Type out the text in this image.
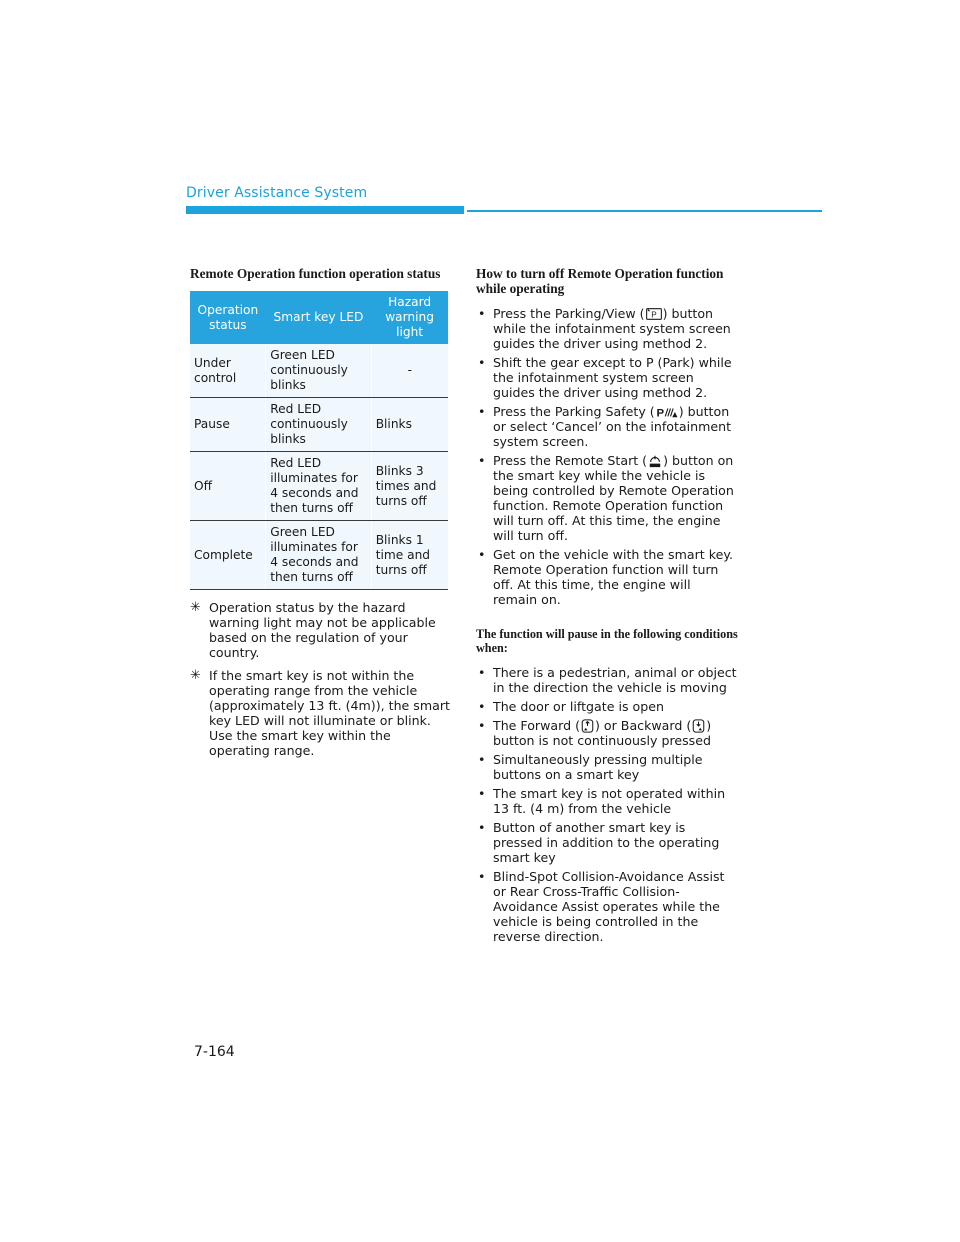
Driver Assistance System
Remote Operation function operation status
Operation status	Smart key LED	Hazard warning light
Under control	Green LED continuously blinks	-
Pause	Red LED continuously blinks	Blinks
Off	Red LED illuminates for 4 seconds and then turns off	Blinks 3 times and turns off
Complete	Green LED illuminates for 4 seconds and then turns off	Blinks 1 time and turns off
✳ Operation status by the hazard warning light may not be applicable based on the regulation of your country.
✳ If the smart key is not within the operating range from the vehicle (approximately 13 ft. (4m)), the smart key LED will not illuminate or blink. Use the smart key within the operating range.
How to turn off Remote Operation function while operating
• Press the Parking/View ( P ) button while the infotainment system screen guides the driver using method 2.
• Shift the gear except to P (Park) while the infotainment system screen guides the driver using method 2.
• Press the Parking Safety ( P ) button or select ‘Cancel’ on the infotainment system screen.
• Press the Remote Start ( ) button on the smart key while the vehicle is being controlled by Remote Operation function. Remote Operation function will turn off. At this time, the engine will turn off.
• Get on the vehicle with the smart key. Remote Operation function will turn off. At this time, the engine will remain on.
The function will pause in the following conditions when:
• There is a pedestrian, animal or object in the direction the vehicle is moving
• The door or liftgate is open
• The Forward ( ) or Backward ( ) button is not continuously pressed
• Simultaneously pressing multiple buttons on a smart key
• The smart key is not operated within 13 ft. (4 m) from the vehicle
• Button of another smart key is pressed in addition to the operating smart key
• Blind-Spot Collision-Avoidance Assist or Rear Cross-Traffic Collision-Avoidance Assist operates while the vehicle is being controlled in the reverse direction.
7-164
